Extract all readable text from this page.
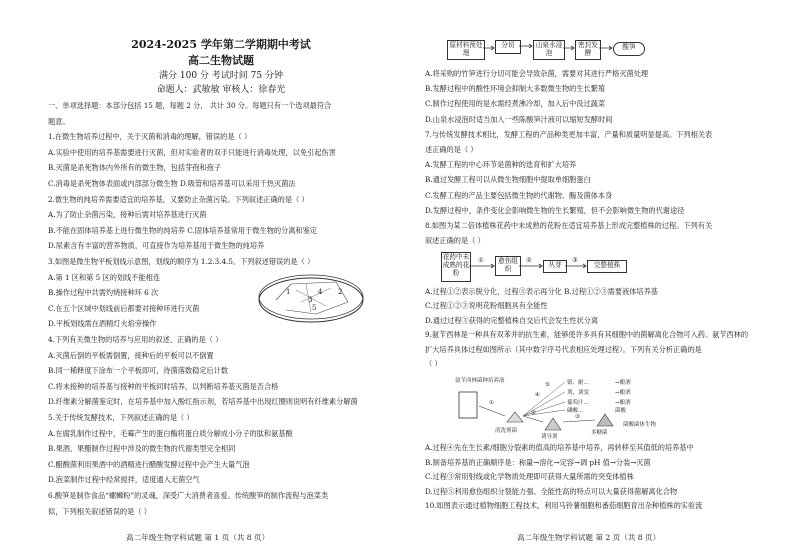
2024-2025 学年第二学期期中考试
高二生物试题
满分 100 分 考试时间 75 分钟
命题人：武敏敏 审核人：徐春光
一、单项选择题：本部分包括 15 题，每题 2 分， 共计 30 分。每题只有一个选项最符合
题意。
1.在微生物培养过程中，关于灭菌和消毒的理解，错误的是（ ）
A.实验中使用的培养基需要进行灭菌，但对实验者的双手只能进行消毒处理，以免引起伤害
B.灭菌是杀死物体内外所有的微生物，包括芽孢和孢子
C.消毒是杀死物体表面或内部部分微生物 D.吸管和培养基可以采用干热灭菌法
2.微生物的纯培养需要适宜的培养基，又要防止杂菌污染。下列叙述正确的是（ ）
A.为了防止杂菌污染，接种后需对培养基进行灭菌
B.不能在固体培养基上进行微生物的纯培养 C.固体培养基常用于微生物的分离和鉴定
D.尿素含有丰富的营养物质，可直接作为培养基用于微生物的纯培养
3.如图是微生物平板划线示意图，划线的顺序为 1.2.3.4.5。下列叙述错误的是（ ）
A.第 1 区和第 5 区的划线不能相连
B.操作过程中共需灼烧接种环 6 次
C.在五个区域中划线前后都要对接种环进行灭菌
D.平板划线需在酒精灯火焰旁操作
4.下列有关微生物的培养与应用的叙述，正确的是（ ）
A.灭菌后倒的平板需倒置，接种后的平板可以不倒置
B.同一稀释度下涂布一个平板即可，待菌落数稳定后计数
C.将未接种的培养基与接种的平板同时培养，以判断培养基灭菌是否合格
D.纤维素分解菌鉴定时，在培养基中加入酚红指示剂，若培养基中出现红圈则说明有纤维素分解菌
5.关于传统发酵技术，下列叙述正确的是（ ）
A.在腐乳制作过程中，毛霉产生的蛋白酶将蛋白质分解成小分子的肽和氨基酸
B.果酒、果醋制作过程中涉及的微生物的代谢类型完全相同
C.醋酸菌利用果酒中的酒精进行醋酸发酵过程中会产生大量气泡
D.泡菜制作过程中经常搅拌，适度通入无菌空气
6.酸笋是制作食品“螺蛳粉”的灵魂，深受广大消费者喜爱。传统酸笋的制作流程与泡菜类
似，下列相关叙述错误的是（ ）
1	2
3
4
5
高二年级生物学科试题 第 1 页（共 8 页）
原材料预处理
分切	山泉水浸泡
密封发酵
酸笋
A.将采购的竹笋进行分切可能会导致杂菌，需要对其进行严格灭菌处理
B.发酵过程中的酸性环境会抑制大多数微生物的生长繁殖
C.制作过程使用的是水需经煮沸冷却，加入后中没过蔬菜
D.山泉水浸泡时适当加入一些陈酸笋汁液可以缩短发酵时间
7.与传统发酵技术相比，发酵工程的产品种类更加丰富，产量和质量明显提高。下列相关表
述正确的是（ ）
A.发酵工程的中心环节是菌种的选育和扩大培养
B.通过发酵工程可以从微生物细胞中提取单细胞蛋白
C.发酵工程的产品主要包括微生物的代谢物、酶及菌体本身
D.发酵过程中，条件变化会影响微生物的生长繁殖，但不会影响微生物的代谢途径
8.如图为某二倍体植株花药中未成熟的花粉在适宜培养基上形成完整植株的过程。下列有关
叙述正确的是（ ）
花药中未成熟的花粉
愈伤组织	丛芽	完整植株
①	②	③
A.过程①②表示脱分化，过程③表示再分化 B.过程①②③需要液体培养基
C.过程①②③说明花粉细胞具有全能性
D.通过过程③获得的完整植株自交后代会发生性状分离
9.氨苄西林是一种具有双苯并的抗生素，能够使许多具有其细胞中的菌解离化合物可入药。氨苄西林的
扩大培养具体过程如图所示（其中数字序号代表相应处理过程）。下列有关分析正确的是
（ ）
氨苄西林菌种培养液	镇、耐…
剂、诱变
葡萄汁…
磷酸…
→酿酒
→酿酒
→酿酒
菌酸
①
②
③
④
⑤
清洗剂菌
诱导剂
多糖菌
菌酸菌体生物
A.过程④先在生长素/细胞分裂素的值高的培养基中培养，再转移至其值低的培养基中
B.制备培养基的正确顺序是：称量→溶化→定容→调 pH 值→分装→灭菌
C.过程③常用射线或化学物质处理即可获得大量所需的突变体植株
D.过程⑤利用愈伤组织分裂能力强、全能性高的特点可以大量获得菌解离化合物
10.如图表示通过植物细胞工程技术，利用马铃薯细胞和番茄细胞育出杂种植株的实验流
高二年级生物学科试题 第 2 页（共 8 页）
